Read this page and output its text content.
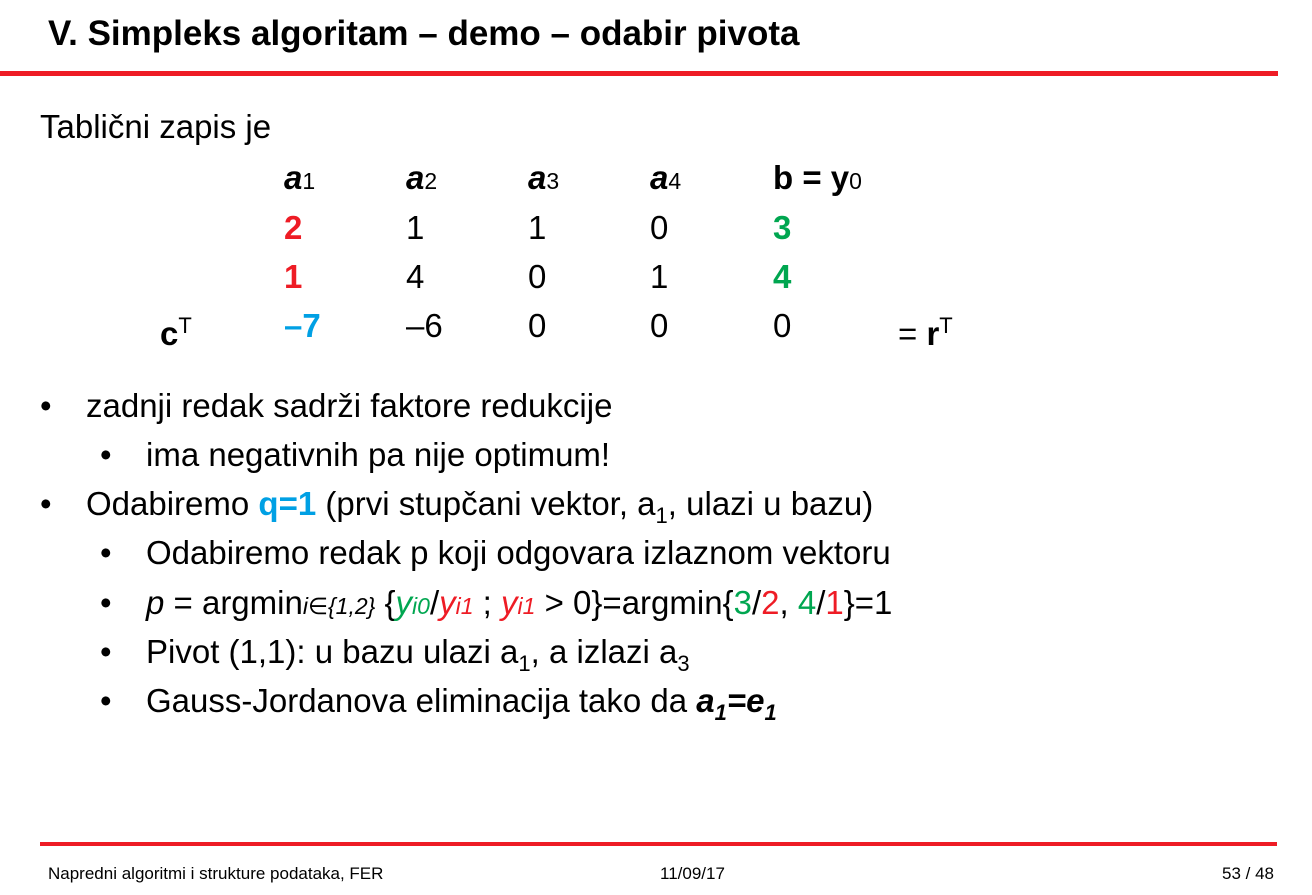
V. Simpleks algoritam – demo – odabir pivota
Tablični zapis je
a1	a2	a3	a4	b = y0
2	1	1	0	3
1	4	0	1	4
$c^T$	–7	–6	0	0	0	= $r^T$
• zadnji redak sadrži faktore redukcije
• ima negativnih pa nije optimum!
• Odabiremo q=1 (prvi stupčani vektor, $a_1$, ulazi u bazu)
• Odabiremo redak p koji odgovara izlaznom vektoru
• p = argmini∈{1,2} {yi0/yi1 ; yi1 > 0}=argmin{3/2, 4/1}=1
• Pivot (1,1): u bazu ulazi $a_1$, a izlazi $a_3$
• Gauss-Jordanova eliminacija tako da $a_1=e_1$
Napredni algoritmi i strukture podataka, FER	11/09/17	53 / 48
